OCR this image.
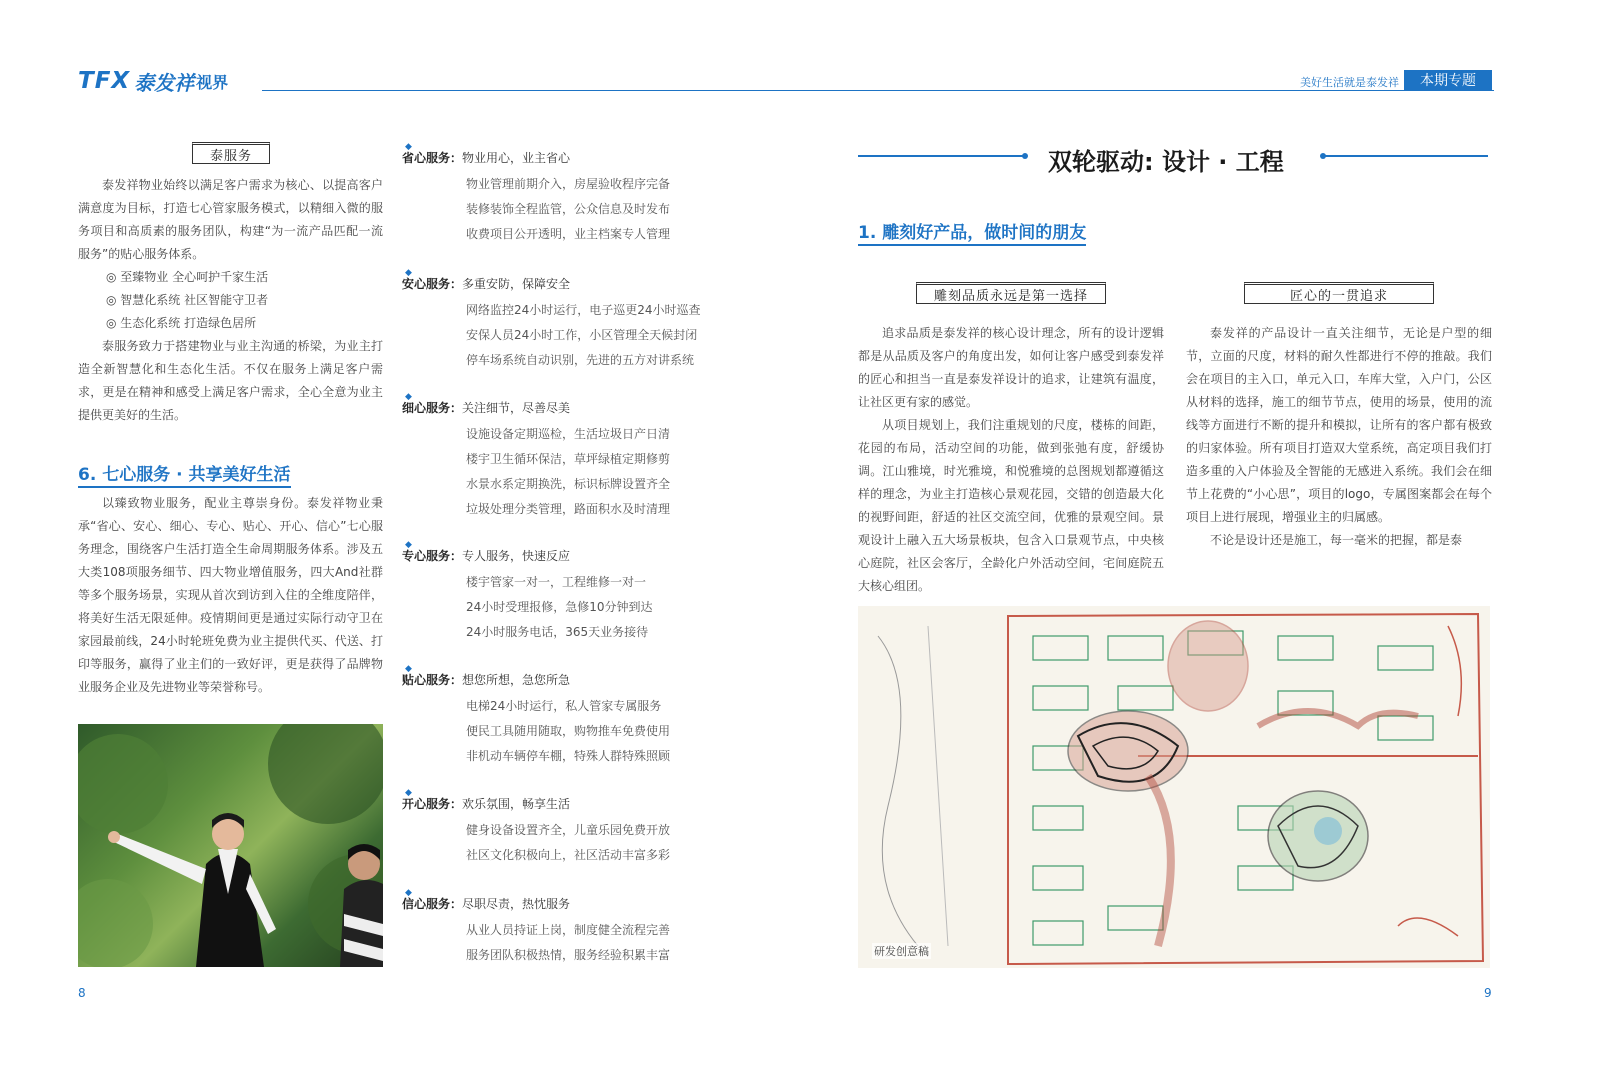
TFX 泰发祥 视界	美好生活就是泰发祥	本期专题
泰服务

泰发祥物业始终以满足客户需求为核心、以提高客户满意度为目标，打造七心管家服务模式，以精细入微的服务项目和高质素的服务团队，构建“为一流产品匹配一流服务”的贴心服务体系。

◎ 至臻物业 全心呵护千家生活
◎ 智慧化系统 社区智能守卫者
◎ 生态化系统 打造绿色居所

泰服务致力于搭建物业与业主沟通的桥梁，为业主打造全新智慧化和生态化生活。不仅在服务上满足客户需求，更是在精神和感受上满足客户需求，全心全意为业主提供更美好的生活。

6. 七心服务 · 共享美好生活

以臻致物业服务，配业主尊崇身份。泰发祥物业秉承“省心、安心、细心、专心、贴心、开心、信心”七心服务理念，围绕客户生活打造全生命周期服务体系。涉及五大类108项服务细节、四大物业增值服务，四大And社群等多个服务场景，实现从首次到访到入住的全维度陪伴，将美好生活无限延伸。疫情期间更是通过实际行动守卫在家园最前线，24小时轮班免费为业主提供代买、代送、打印等服务，赢得了业主们的一致好评，更是获得了品牌物业服务企业及先进物业等荣誉称号。

8
◆
省心服务：物业用心，业主省心
物业管理前期介入，房屋验收程序完备
装修装饰全程监管，公众信息及时发布
收费项目公开透明，业主档案专人管理
◆
安心服务：多重安防，保障安全
网络监控24小时运行，电子巡更24小时巡查
安保人员24小时工作，小区管理全天候封闭
停车场系统自动识别，先进的五方对讲系统
◆
细心服务：关注细节，尽善尽美
设施设备定期巡检，生活垃圾日产日清
楼宇卫生循环保洁，草坪绿植定期修剪
水景水系定期换洗，标识标牌设置齐全
垃圾处理分类管理，路面积水及时清理
◆
专心服务：专人服务，快速反应
楼宇管家一对一，工程维修一对一
24小时受理报修，急修10分钟到达
24小时服务电话，365天业务接待
◆
贴心服务：想您所想，急您所急
电梯24小时运行，私人管家专属服务
便民工具随用随取，购物推车免费使用
非机动车辆停车棚，特殊人群特殊照顾
◆
开心服务：欢乐氛围，畅享生活
健身设备设置齐全，儿童乐园免费开放
社区文化积极向上，社区活动丰富多彩
◆
信心服务：尽职尽责，热忱服务
从业人员持证上岗，制度健全流程完善
服务团队积极热情，服务经验积累丰富
双轮驱动: 设计 · 工程
1. 雕刻好产品，做时间的朋友
雕刻品质永远是第一选择	匠心的一贯追求

追求品质是泰发祥的核心设计理念，所有的设计逻辑都是从品质及客户的角度出发，如何让客户感受到泰发祥的匠心和担当一直是泰发祥设计的追求，让建筑有温度，让社区更有家的感觉。

从项目规划上，我们注重规划的尺度，楼栋的间距，花园的布局，活动空间的功能，做到张弛有度，舒缓协调。江山雅境，时光雅境，和悦雅境的总图规划都遵循这样的理念，为业主打造核心景观花园，交错的创造最大化的视野间距，舒适的社区交流空间，优雅的景观空间。景观设计上融入五大场景板块，包含入口景观节点，中央核心庭院，社区会客厅，全龄化户外活动空间，宅间庭院五大核心组团。

泰发祥的产品设计一直关注细节，无论是户型的细节，立面的尺度，材料的耐久性都进行不停的推敲。我们会在项目的主入口，单元入口，车库大堂，入户门，公区从材料的选择，施工的细节节点，使用的场景，使用的流线等方面进行不断的提升和模拟，让所有的客户都有极致的归家体验。所有项目打造双大堂系统，高定项目我们打造多重的入户体验及全智能的无感进入系统。我们会在细节上花费的“小心思”，项目的logo，专属图案都会在每个项目上进行展现，增强业主的归属感。

不论是设计还是施工，每一毫米的把握，都是泰

研发创意稿
9
